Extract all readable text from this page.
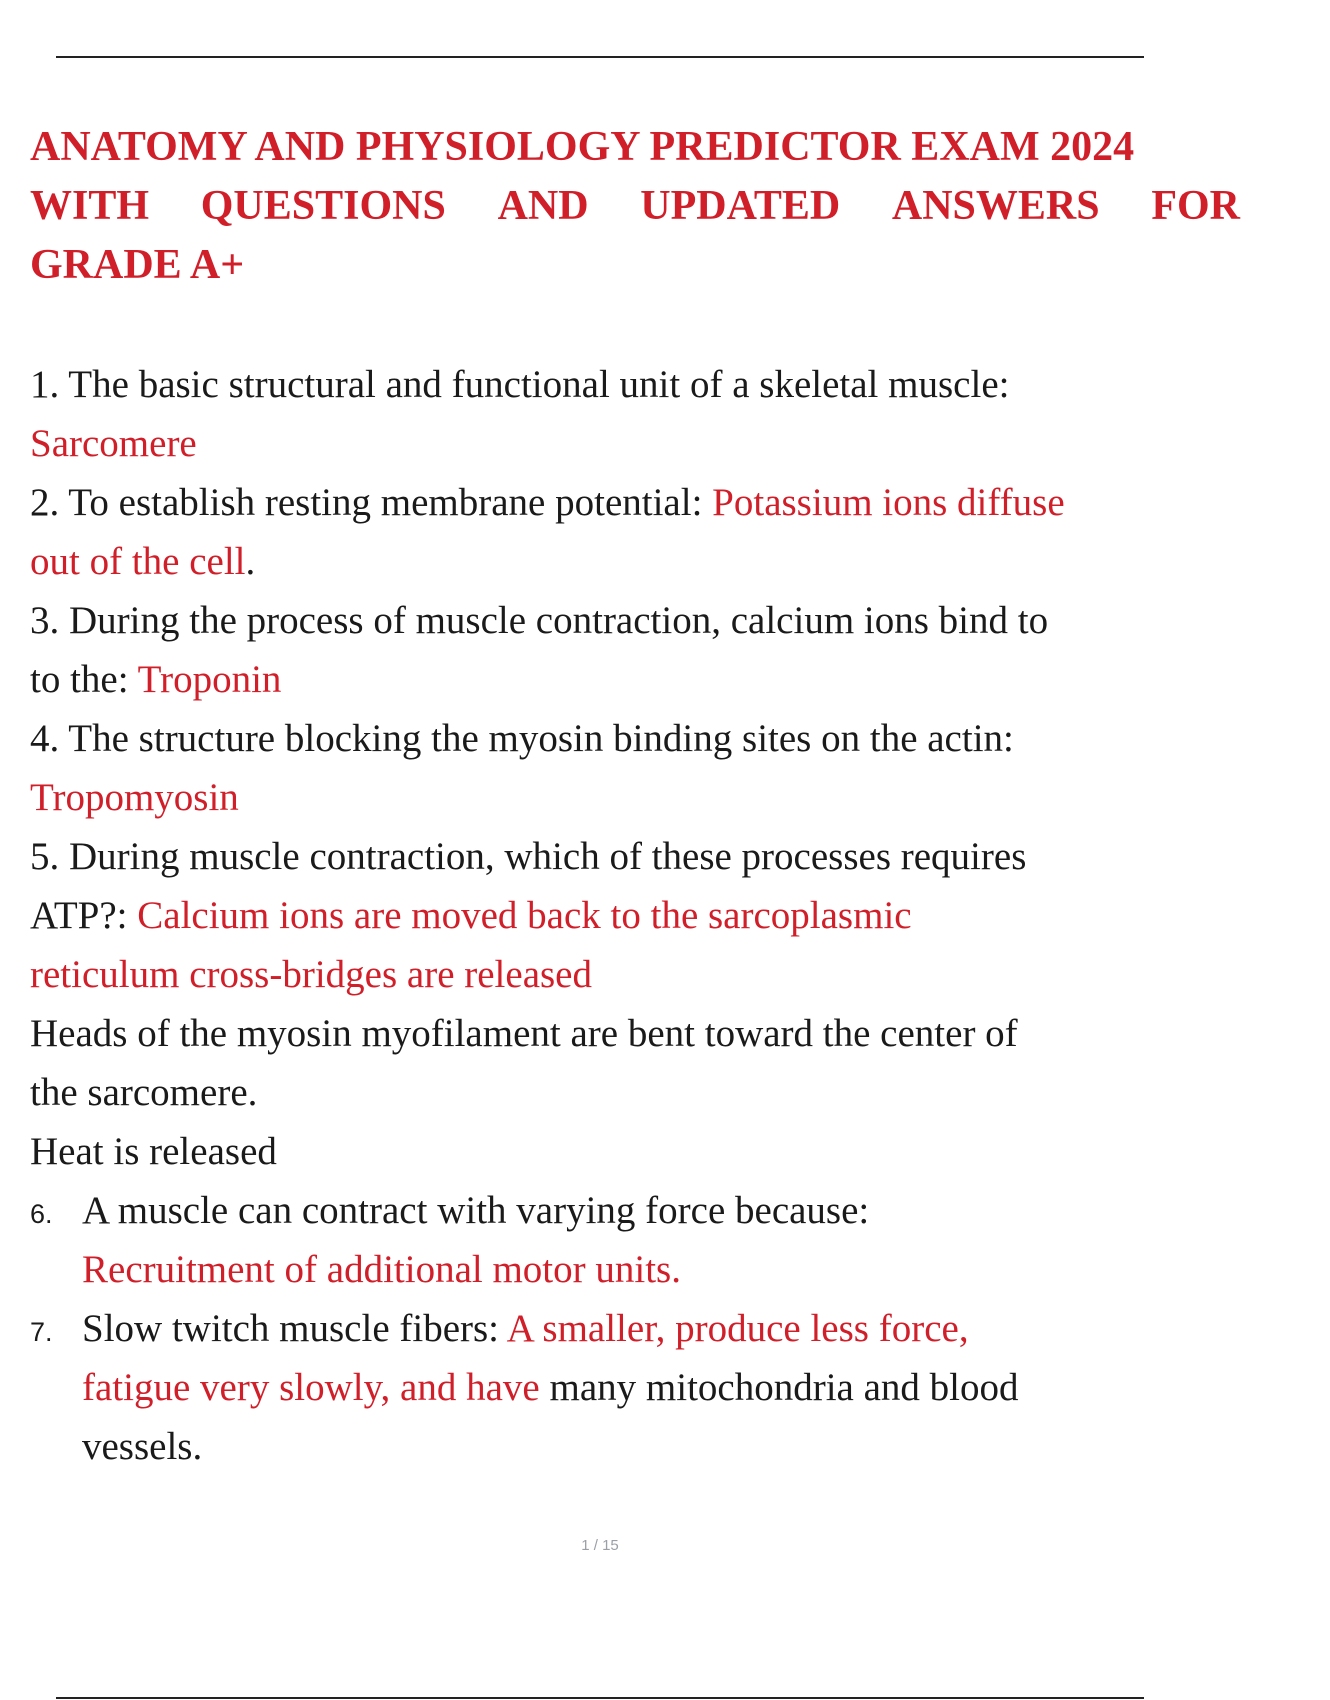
ANATOMY AND PHYSIOLOGY PREDICTOR EXAM 2024
WITH QUESTIONS AND UPDATED ANSWERS FOR
GRADE A+
1. The basic structural and functional unit of a skeletal muscle:
Sarcomere
2. To establish resting membrane potential: Potassium ions diffuse
out of the cell.
3. During the process of muscle contraction, calcium ions bind to
to the: Troponin
4. The structure blocking the myosin binding sites on the actin:
Tropomyosin
5. During muscle contraction, which of these processes requires
ATP?: Calcium ions are moved back to the sarcoplasmic
reticulum cross-bridges are released
Heads of the myosin myofilament are bent toward the center of
the sarcomere.
Heat is released
6. A muscle can contract with varying force because:
Recruitment of additional motor units.
7. Slow twitch muscle fibers: A smaller, produce less force,
fatigue very slowly, and have many mitochondria and blood
vessels.
1 / 15
